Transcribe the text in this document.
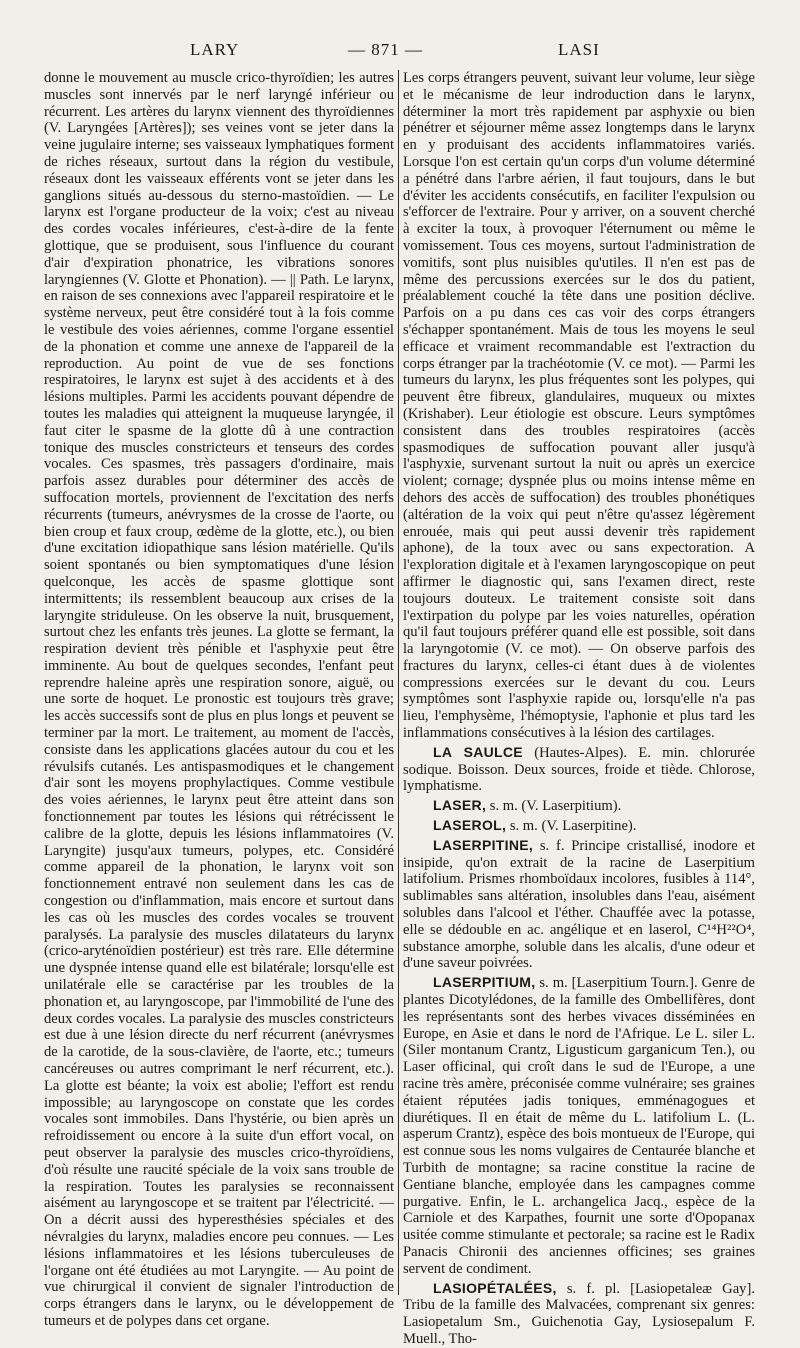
LARY	— 871 —	LASI

donne le mouvement au muscle crico-thyroïdien; les autres muscles sont innervés par le nerf laryngé inférieur ou récurrent. Les artères du larynx viennent des thyroïdiennes (V. Laryngées [Artères]); ses veines vont se jeter dans la veine jugulaire interne; ses vaisseaux lymphatiques forment de riches réseaux, surtout dans la région du vestibule, réseaux dont les vaisseaux efférents vont se jeter dans les ganglions situés au-dessous du sterno-mastoïdien. — Le larynx est l'organe producteur de la voix; c'est au niveau des cordes vocales inférieures, c'est-à-dire de la fente glottique, que se produisent, sous l'influence du courant d'air d'expiration phonatrice, les vibrations sonores laryngiennes (V. Glotte et Phonation). — || Path. Le larynx, en raison de ses connexions avec l'appareil respiratoire et le système nerveux, peut être considéré tout à la fois comme le vestibule des voies aériennes, comme l'organe essentiel de la phonation et comme une annexe de l'appareil de la reproduction. Au point de vue de ses fonctions respiratoires, le larynx est sujet à des accidents et à des lésions multiples. Parmi les accidents pouvant dépendre de toutes les maladies qui atteignent la muqueuse laryngée, il faut citer le spasme de la glotte dû à une contraction tonique des muscles constricteurs et tenseurs des cordes vocales. Ces spasmes, très passagers d'ordinaire, mais parfois assez durables pour déterminer des accès de suffocation mortels, proviennent de l'excitation des nerfs récurrents (tumeurs, anévrysmes de la crosse de l'aorte, ou bien croup et faux croup, œdème de la glotte, etc.), ou bien d'une excitation idiopathique sans lésion matérielle. Qu'ils soient spontanés ou bien symptomatiques d'une lésion quelconque, les accès de spasme glottique sont intermittents; ils ressemblent beaucoup aux crises de la laryngite striduleuse. On les observe la nuit, brusquement, surtout chez les enfants très jeunes. La glotte se fermant, la respiration devient très pénible et l'asphyxie peut être imminente. Au bout de quelques secondes, l'enfant peut reprendre haleine après une respiration sonore, aiguë, ou une sorte de hoquet. Le pronostic est toujours très grave; les accès successifs sont de plus en plus longs et peuvent se terminer par la mort. Le traitement, au moment de l'accès, consiste dans les applications glacées autour du cou et les révulsifs cutanés. Les antispasmodiques et le changement d'air sont les moyens prophylactiques. Comme vestibule des voies aériennes, le larynx peut être atteint dans son fonctionnement par toutes les lésions qui rétrécissent le calibre de la glotte, depuis les lésions inflammatoires (V. Laryngite) jusqu'aux tumeurs, polypes, etc. Considéré comme appareil de la phonation, le larynx voit son fonctionnement entravé non seulement dans les cas de congestion ou d'inflammation, mais encore et surtout dans les cas où les muscles des cordes vocales se trouvent paralysés. La paralysie des muscles dilatateurs du larynx (crico-aryténoïdien postérieur) est très rare. Elle détermine une dyspnée intense quand elle est bilatérale; lorsqu'elle est unilatérale elle se caractérise par les troubles de la phonation et, au laryngoscope, par l'immobilité de l'une des deux cordes vocales. La paralysie des muscles constricteurs est due à une lésion directe du nerf récurrent (anévrysmes de la carotide, de la sous-clavière, de l'aorte, etc.; tumeurs cancéreuses ou autres comprimant le nerf récurrent, etc.). La glotte est béante; la voix est abolie; l'effort est rendu impossible; au laryngoscope on constate que les cordes vocales sont immobiles. Dans l'hystérie, ou bien après un refroidissement ou encore à la suite d'un effort vocal, on peut observer la paralysie des muscles crico-thyroïdiens, d'où résulte une raucité spéciale de la voix sans trouble de la respiration. Toutes les paralysies se reconnaissent aisément au laryngoscope et se traitent par l'électricité. — On a décrit aussi des hyperesthésies spéciales et des névralgies du larynx, maladies encore peu connues. — Les lésions inflammatoires et les lésions tuberculeuses de l'organe ont été étudiées au mot Laryngite. — Au point de vue chirurgical il convient de signaler l'introduction de corps étrangers dans le larynx, ou le développement de tumeurs et de polypes dans cet organe.

Les corps étrangers peuvent, suivant leur volume, leur siège et le mécanisme de leur indroduction dans le larynx, déterminer la mort très rapidement par asphyxie ou bien pénétrer et séjourner même assez longtemps dans le larynx en y produisant des accidents inflammatoires variés. Lorsque l'on est certain qu'un corps d'un volume déterminé a pénétré dans l'arbre aérien, il faut toujours, dans le but d'éviter les accidents consécutifs, en faciliter l'expulsion ou s'efforcer de l'extraire. Pour y arriver, on a souvent cherché à exciter la toux, à provoquer l'éternument ou même le vomissement. Tous ces moyens, surtout l'administration de vomitifs, sont plus nuisibles qu'utiles. Il n'en est pas de même des percussions exercées sur le dos du patient, préalablement couché la tête dans une position déclive. Parfois on a pu dans ces cas voir des corps étrangers s'échapper spontanément. Mais de tous les moyens le seul efficace et vraiment recommandable est l'extraction du corps étranger par la trachéotomie (V. ce mot). — Parmi les tumeurs du larynx, les plus fréquentes sont les polypes, qui peuvent être fibreux, glandulaires, muqueux ou mixtes (Krishaber). Leur étiologie est obscure. Leurs symptômes consistent dans des troubles respiratoires (accès spasmodiques de suffocation pouvant aller jusqu'à l'asphyxie, survenant surtout la nuit ou après un exercice violent; cornage; dyspnée plus ou moins intense même en dehors des accès de suffocation) des troubles phonétiques (altération de la voix qui peut n'être qu'assez légèrement enrouée, mais qui peut aussi devenir très rapidement aphone), de la toux avec ou sans expectoration. A l'exploration digitale et à l'examen laryngoscopique on peut affirmer le diagnostic qui, sans l'examen direct, reste toujours douteux. Le traitement consiste soit dans l'extirpation du polype par les voies naturelles, opération qu'il faut toujours préférer quand elle est possible, soit dans la laryngotomie (V. ce mot). — On observe parfois des fractures du larynx, celles-ci étant dues à de violentes compressions exercées sur le devant du cou. Leurs symptômes sont l'asphyxie rapide ou, lorsqu'elle n'a pas lieu, l'emphysème, l'hémoptysie, l'aphonie et plus tard les inflammations consécutives à la lésion des cartilages.

LA SAULCE (Hautes-Alpes). E. min. chlorurée sodique. Boisson. Deux sources, froide et tiède. Chlorose, lymphatisme.

LASER, s. m. (V. Laserpitium).

LASEROL, s. m. (V. Laserpitine).

LASERPITINE, s. f. Principe cristallisé, inodore et insipide, qu'on extrait de la racine de Laserpitium latifolium. Prismes rhomboïdaux incolores, fusibles à 114°, sublimables sans altération, insolubles dans l'eau, aisément solubles dans l'alcool et l'éther. Chauffée avec la potasse, elle se dédouble en ac. angélique et en laserol, C¹⁴H²²O⁴, substance amorphe, soluble dans les alcalis, d'une odeur et d'une saveur poivrées.

LASERPITIUM, s. m. [Laserpitium Tourn.]. Genre de plantes Dicotylédones, de la famille des Ombellifères, dont les représentants sont des herbes vivaces disséminées en Europe, en Asie et dans le nord de l'Afrique. Le L. siler L. (Siler montanum Crantz, Ligusticum garganicum Ten.), ou Laser officinal, qui croît dans le sud de l'Europe, a une racine très amère, préconisée comme vulnéraire; ses graines étaient réputées jadis toniques, emménagogues et diurétiques. Il en était de même du L. latifolium L. (L. asperum Crantz), espèce des bois montueux de l'Europe, qui est connue sous les noms vulgaires de Centaurée blanche et Turbith de montagne; sa racine constitue la racine de Gentiane blanche, employée dans les campagnes comme purgative. Enfin, le L. archangelica Jacq., espèce de la Carniole et des Karpathes, fournit une sorte d'Opopanax usitée comme stimulante et pectorale; sa racine est le Radix Panacis Chironii des anciennes officines; ses graines servent de condiment.

LASIOPÉTALÉES, s. f. pl. [Lasiopetaleæ Gay]. Tribu de la famille des Malvacées, comprenant six genres: Lasiopetalum Sm., Guichenotia Gay, Lysiosepalum F. Muell., Tho-
